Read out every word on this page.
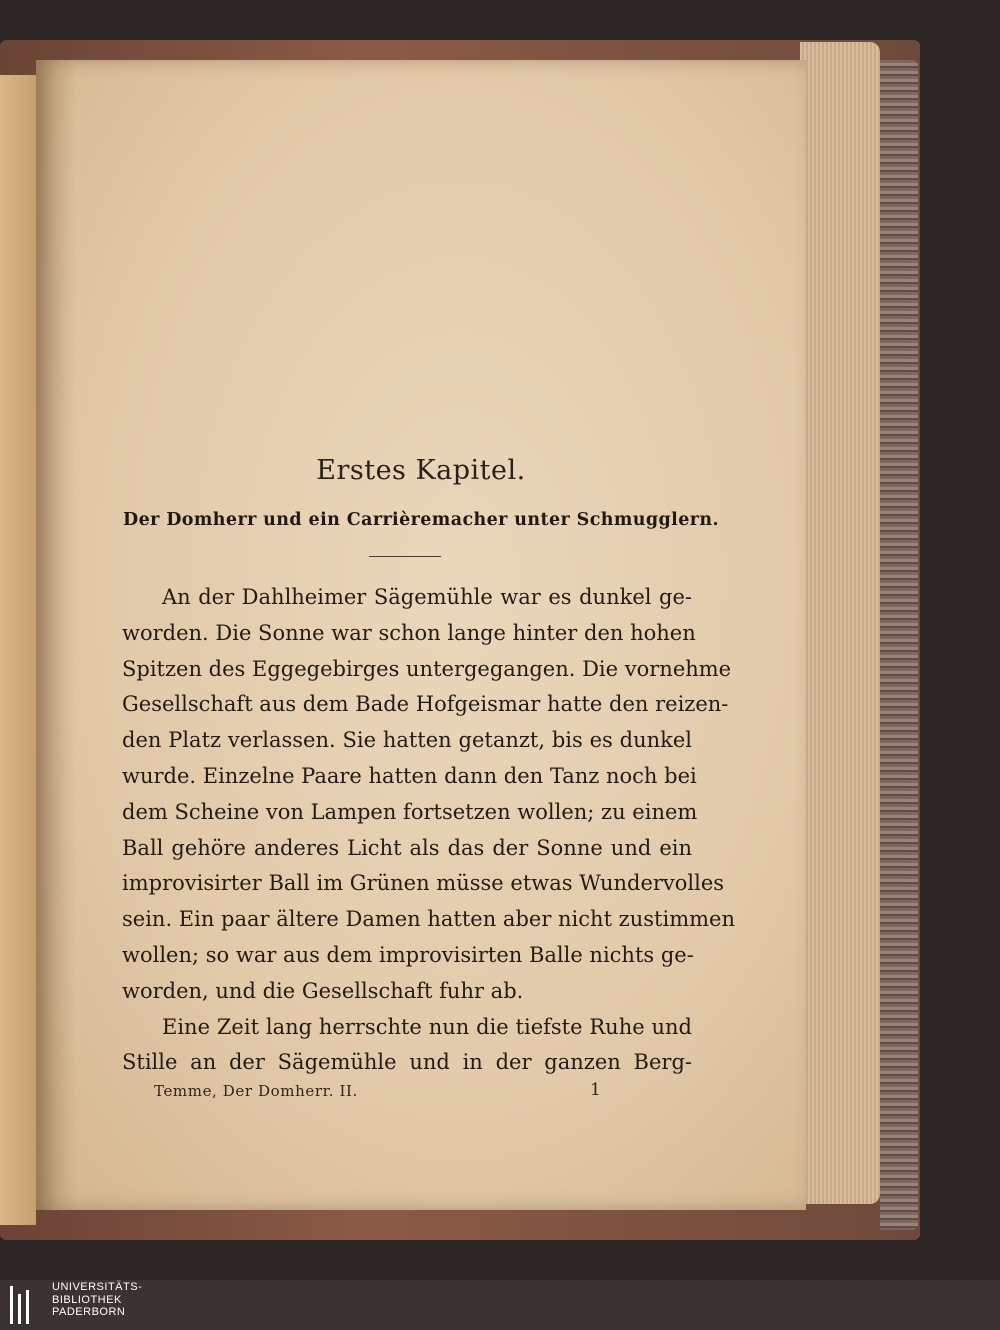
Erstes Kapitel.
Der Domherr und ein Carrièremacher unter Schmugglern.
An der Dahlheimer Sägemühle war es dunkel ge-
worden. Die Sonne war schon lange hinter den hohen
Spitzen des Eggegebirges untergegangen. Die vornehme
Gesellschaft aus dem Bade Hofgeismar hatte den reizen-
den Platz verlassen. Sie hatten getanzt, bis es dunkel
wurde. Einzelne Paare hatten dann den Tanz noch bei
dem Scheine von Lampen fortsetzen wollen; zu einem
Ball gehöre anderes Licht als das der Sonne und ein
improvisirter Ball im Grünen müsse etwas Wundervolles
sein. Ein paar ältere Damen hatten aber nicht zustimmen
wollen; so war aus dem improvisirten Balle nichts ge-
worden, und die Gesellschaft fuhr ab.
Eine Zeit lang herrschte nun die tiefste Ruhe und
Stille an der Sägemühle und in der ganzen Berg-
Temme, Der Domherr. II.	1
UNIVERSITÄTS-
BIBLIOTHEK
PADERBORN
